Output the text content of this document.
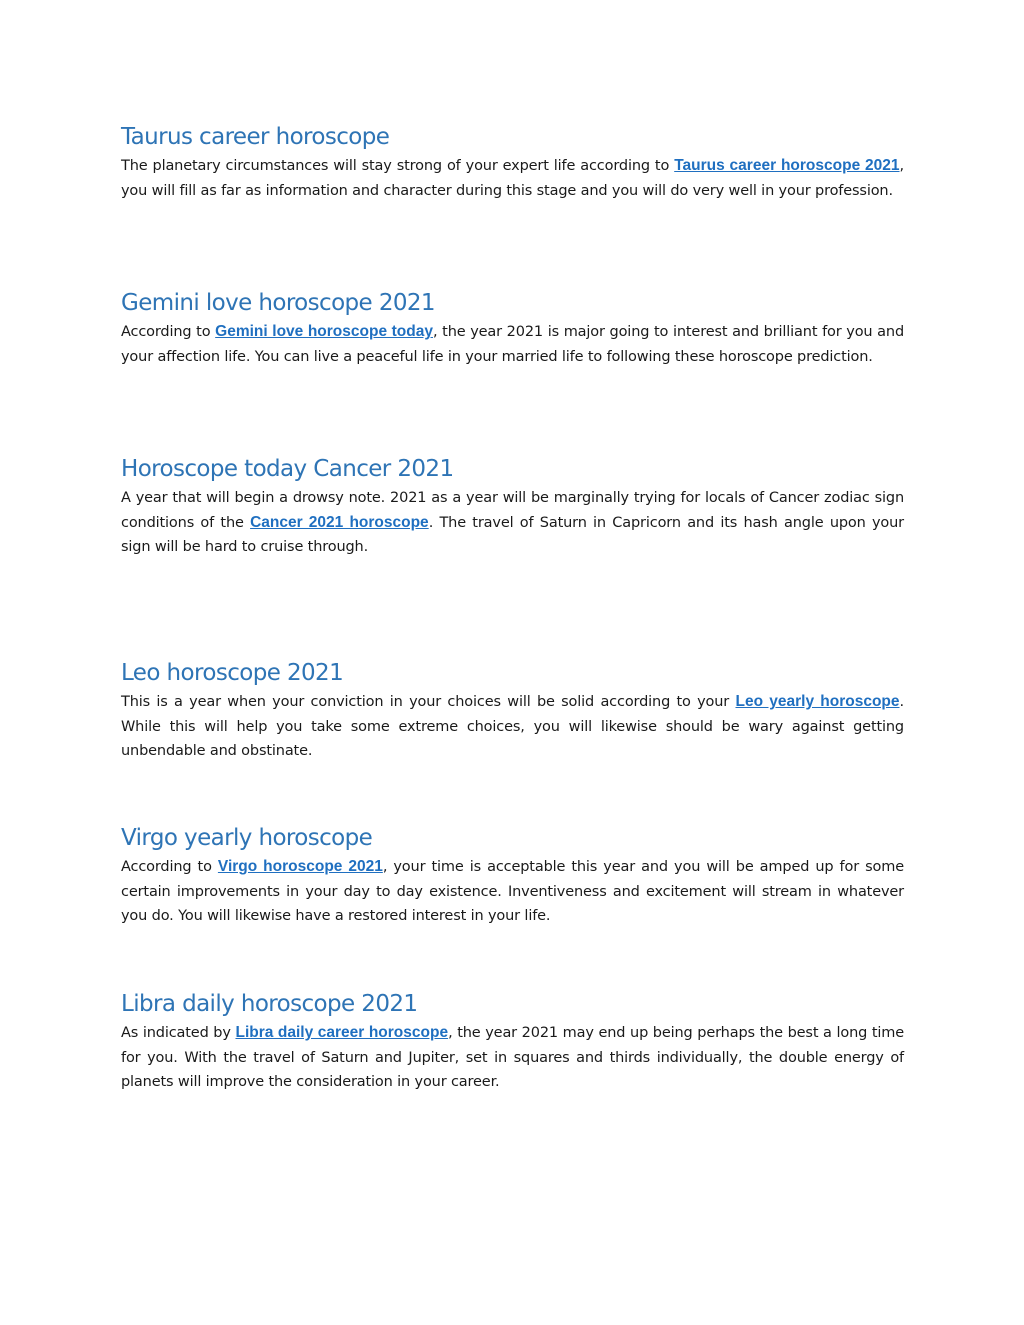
Taurus career horoscope

The planetary circumstances will stay strong of your expert life according to Taurus career horoscope 2021, you will fill as far as information and character during this stage and you will do very well in your profession.

Gemini love horoscope 2021

According to Gemini love horoscope today, the year 2021 is major going to interest and brilliant for you and your affection life. You can live a peaceful life in your married life to following these horoscope prediction.

Horoscope today Cancer 2021

A year that will begin a drowsy note. 2021 as a year will be marginally trying for locals of Cancer zodiac sign conditions of the Cancer 2021 horoscope. The travel of Saturn in Capricorn and its hash angle upon your sign will be hard to cruise through.

Leo horoscope 2021

This is a year when your conviction in your choices will be solid according to your Leo yearly horoscope. While this will help you take some extreme choices, you will likewise should be wary against getting unbendable and obstinate.

Virgo yearly horoscope

According to Virgo horoscope 2021, your time is acceptable this year and you will be amped up for some certain improvements in your day to day existence. Inventiveness and excitement will stream in whatever you do. You will likewise have a restored interest in your life.

Libra daily horoscope 2021

As indicated by Libra daily career horoscope, the year 2021 may end up being perhaps the best a long time for you. With the travel of Saturn and Jupiter, set in squares and thirds individually, the double energy of planets will improve the consideration in your career.
